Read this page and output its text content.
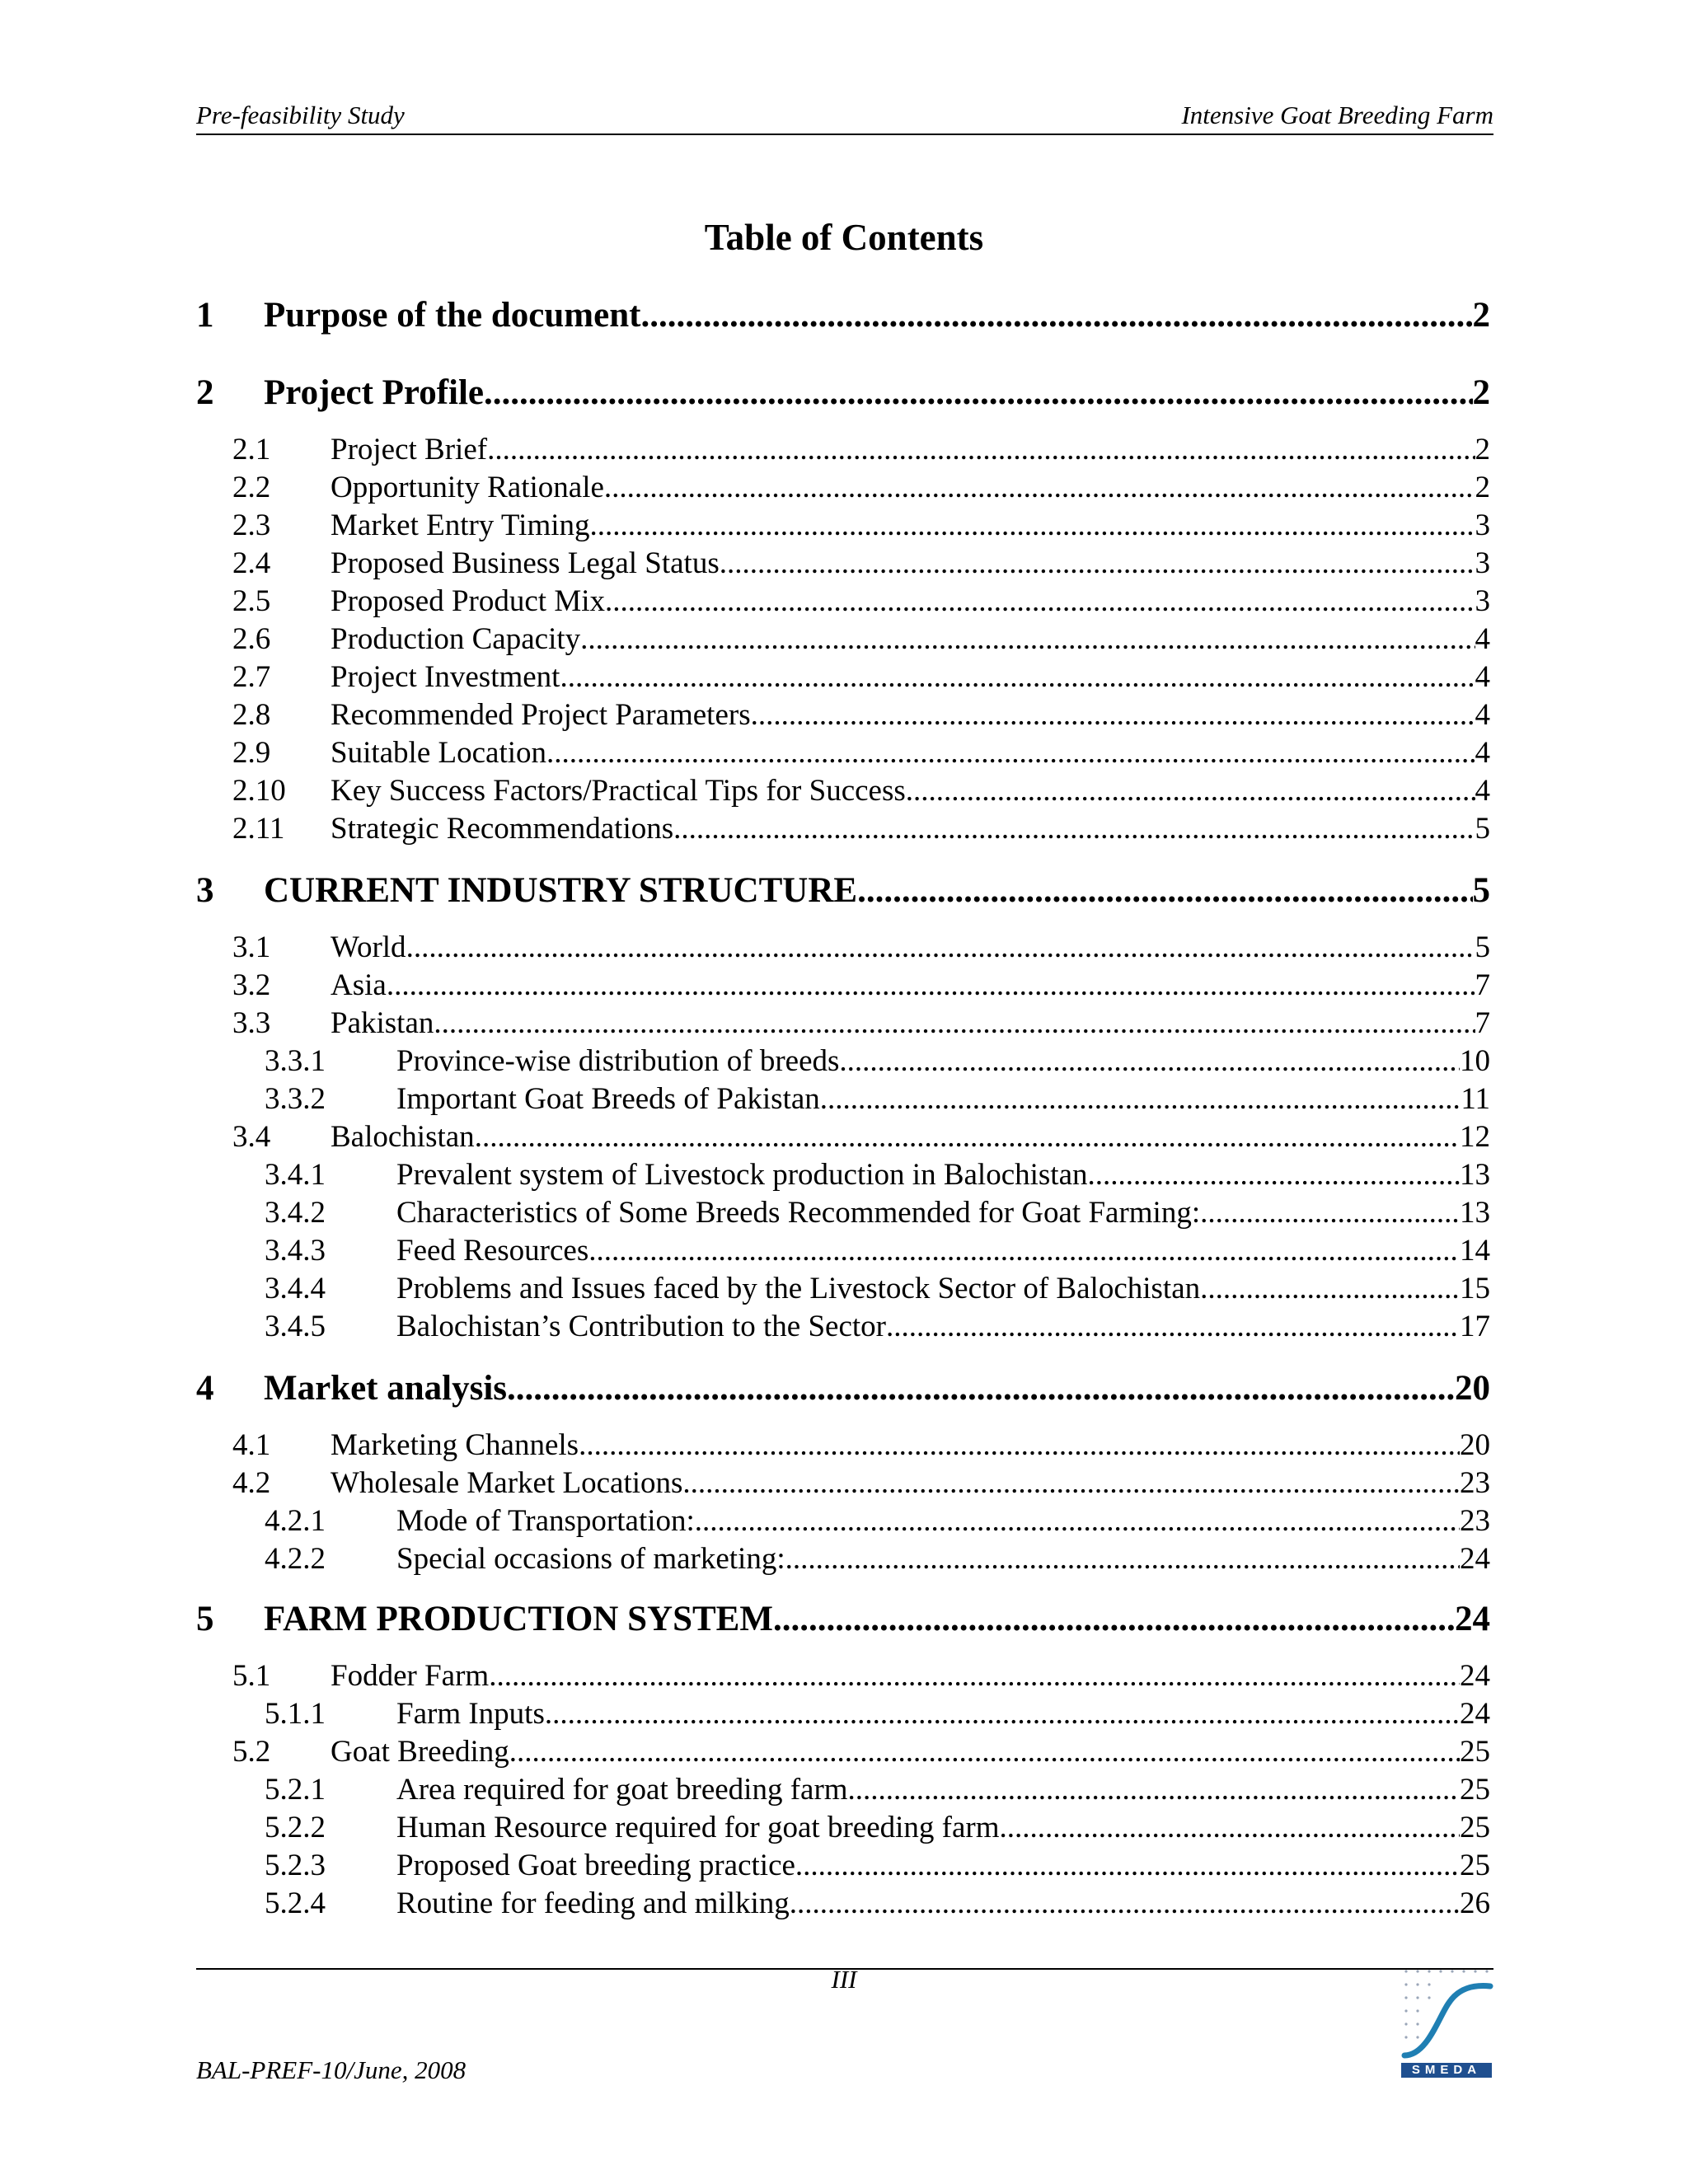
Pre-feasibility Study	Intensive Goat Breeding Farm
Table of Contents
1 Purpose of the document .....	2
2 Project Profile .....	2
2.1 Project Brief .....	2
2.2 Opportunity Rationale .....	2
2.3 Market Entry Timing .....	3
2.4 Proposed Business Legal Status .....	3
2.5 Proposed Product Mix .....	3
2.6 Production Capacity .....	4
2.7 Project Investment .....	4
2.8 Recommended Project Parameters .....	4
2.9 Suitable Location .....	4
2.10 Key Success Factors/Practical Tips for Success .....	4
2.11 Strategic Recommendations .....	5
3 CURRENT INDUSTRY STRUCTURE .....	5
3.1 World .....	5
3.2 Asia .....	7
3.3 Pakistan .....	7
3.3.1 Province-wise distribution of breeds. .....	10
3.3.2 Important Goat Breeds of Pakistan. .....	11
3.4 Balochistan .....	12
3.4.1 Prevalent system of Livestock production in Balochistan .....	13
3.4.2 Characteristics of Some Breeds Recommended for Goat Farming: .....	13
3.4.3 Feed Resources .....	14
3.4.4 Problems and Issues faced by the Livestock Sector of Balochistan .....	15
3.4.5 Balochistan’s Contribution to the Sector .....	17
4 Market analysis .....	20
4.1 Marketing Channels .....	20
4.2 Wholesale Market Locations .....	23
4.2.1 Mode of Transportation: .....	23
4.2.2 Special occasions of marketing: .....	24
5 FARM PRODUCTION SYSTEM .....	24
5.1 Fodder Farm .....	24
5.1.1 Farm Inputs .....	24
5.2 Goat Breeding .....	25
5.2.1 Area required for goat breeding farm .....	25
5.2.2 Human Resource required for goat breeding farm .....	25
5.2.3 Proposed Goat breeding practice .....	25
5.2.4 Routine for feeding and milking .....	26
III
BAL-PREF-10/June, 2008	SMEDA
